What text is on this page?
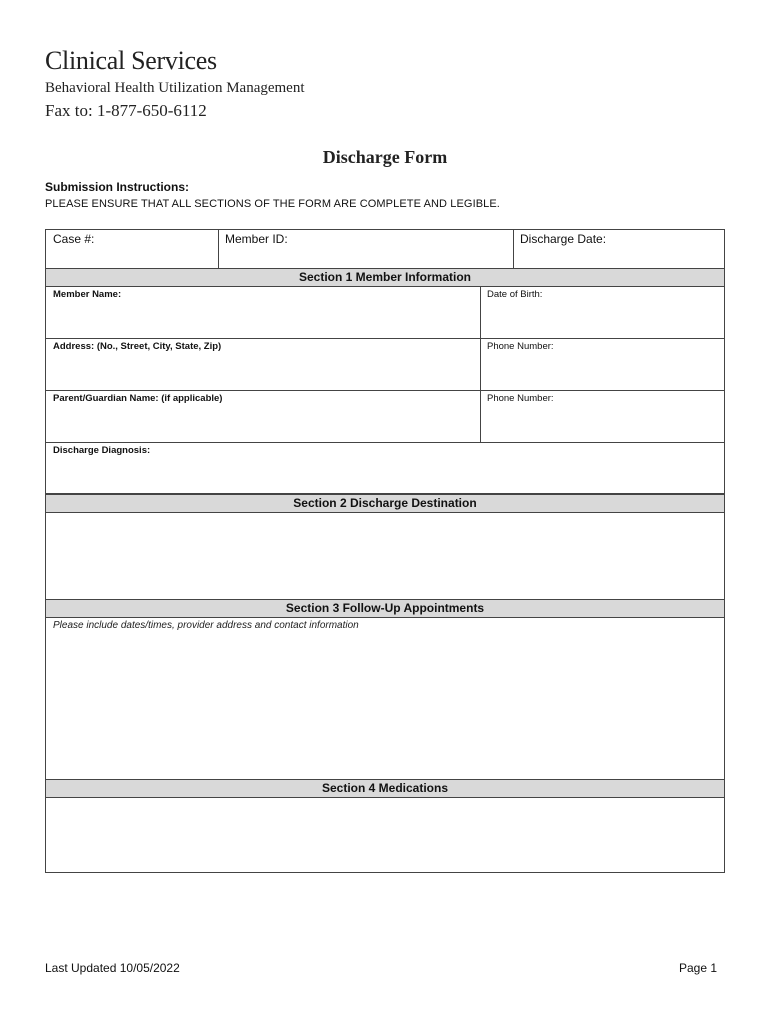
Clinical Services
Behavioral Health Utilization Management
Fax to: 1-877-650-6112
Discharge Form
Submission Instructions:
PLEASE ENSURE THAT ALL SECTIONS OF THE FORM ARE COMPLETE AND LEGIBLE.
Case #:	Member ID:	Discharge Date:
Section 1 Member Information
Member Name:	Date of Birth:
Address: (No., Street, City, State, Zip)	Phone Number:
Parent/Guardian Name: (if applicable)	Phone Number:
Discharge Diagnosis:
Section 2 Discharge Destination
Section 3 Follow-Up Appointments
Please include dates/times, provider address and contact information
Section 4 Medications
Last Updated 10/05/2022	Page 1
